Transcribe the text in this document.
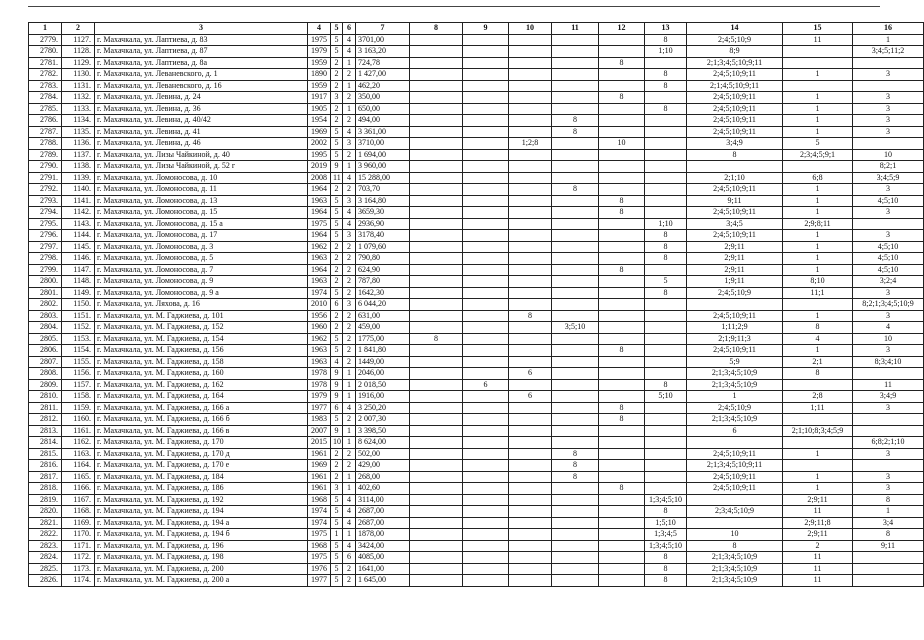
1	2	3	4	5	6	7	8	9	10	11	12	13	14	15	16
2779.	1127.	г. Махачкала, ул. Лаптиева, д. 83	1975	5	4	3701,00						8	2;4;5;10;9	11	1
2780.	1128.	г. Махачкала, ул. Лаптиева, д. 87	1979	5	4	3 163,20						1;10	8;9		3;4;5;11;2
2781.	1129.	г. Махачкала, ул. Лаптиева, д. 8а	1959	2	1	724,78					8		2;1;3;4;5;10;9;11		
2782.	1130.	г. Махачкала, ул. Леваневского, д. 1	1890	2	2	1 427,00						8	2;4;5;10;9;11	1	3
2783.	1131.	г. Махачкала, ул. Леваневского, д. 16	1959	2	1	462,20						8	2;1;4;5;10;9;11		
2784.	1132.	г. Махачкала, ул. Левина, д. 24	1917	3	2	350,00					8		2;4;5;10;9;11	1	3
2785.	1133.	г. Махачкала, ул. Левина, д. 36	1905	2	1	650,00						8	2;4;5;10;9;11	1	3
2786.	1134.	г. Махачкала, ул. Левина, д. 40/42	1954	2	2	494,00				8			2;4;5;10;9;11	1	3
2787.	1135.	г. Махачкала, ул. Левина, д. 41	1969	5	4	3 361,00				8			2;4;5;10;9;11	1	3
2788.	1136.	г. Махачкала, ул. Левина, д. 46	2002	5	3	3710,00			1;2;8		10		3;4;9	5	
2789.	1137.	г. Махачкала, ул. Лизы Чайкиной, д. 40	1995	5	2	1 694,00							8	2;3;4;5;9;1	10
2790.	1138.	г. Махачкала, ул. Лизы Чайкиной, д. 52 г	2019	9	1	3 960,00									8;2;1
2791.	1139.	г. Махачкала, ул. Ломоносова, д. 10	2008	11	4	15 288,00							2;1;10	6;8	3;4;5;9
2792.	1140.	г. Махачкала, ул. Ломоносова, д. 11	1964	2	2	703,70				8			2;4;5;10;9;11	1	3
2793.	1141.	г. Махачкала, ул. Ломоносова, д. 13	1963	5	3	3 164,80					8		9;11	1	4;5;10
2794.	1142.	г. Махачкала, ул. Ломоносова, д. 15	1964	5	4	3659,30					8		2;4;5;10;9;11	1	3
2795.	1143.	г. Махачкала, ул. Ломоносова, д. 15 а	1975	5	4	2936,90						1;10	3;4;5	2;9;8;11	
2796.	1144.	г. Махачкала, ул. Ломоносова, д. 17	1964	5	3	3178,40						8	2;4;5;10;9;11	1	3
2797.	1145.	г. Махачкала, ул. Ломоносова, д. 3	1962	2	2	1 079,60						8	2;9;11	1	4;5;10
2798.	1146.	г. Махачкала, ул. Ломоносова, д. 5	1963	2	2	790,80						8	2;9;11	1	4;5;10
2799.	1147.	г. Махачкала, ул. Ломоносова, д. 7	1964	2	2	624,90					8		2;9;11	1	4;5;10
2800.	1148.	г. Махачкала, ул. Ломоносова, д. 9	1963	2	2	787,80						5	1;9;11	8;10	3;2;4
2801.	1149.	г. Махачкала, ул. Ломоносова, д. 9 а	1974	5	2	1642,30						8	2;4;5;10;9	11;1	3
2802.	1150.	г. Махачкала, ул. Ляхова, д. 16	2010	6	3	6 044,20									8;2;1;3;4;5;10;9
2803.	1151.	г. Махачкала, ул. М. Гаджиева, д. 101	1956	2	2	631,00			8				2;4;5;10;9;11	1	3
2804.	1152.	г. Махачкала, ул. М. Гаджиева, д. 152	1960	2	2	459,00				3;5;10			1;11;2;9	8	4
2805.	1153.	г. Махачкала, ул. М. Гаджиева, д. 154	1962	5	2	1775,00	8						2;1;9;11;3	4	10
2806.	1154.	г. Махачкала, ул. М. Гаджиева, д. 156	1963	5	2	1 841,80					8		2;4;5;10;9;11	1	3
2807.	1155.	г. Махачкала, ул. М. Гаджиева, д. 158	1963	4	2	1449,00							5;9	2;1	8;3;4;10
2808.	1156.	г. Махачкала, ул. М. Гаджиева, д. 160	1978	9	1	2046,00			6				2;1;3;4;5;10;9	8	
2809.	1157.	г. Махачкала, ул. М. Гаджиева, д. 162	1978	9	1	2 018,50		6				8	2;1;3;4;5;10;9		11
2810.	1158.	г. Махачкала, ул. М. Гаджиева, д. 164	1979	9	1	1916,00			6			5;10	1	2;8	3;4;9
2811.	1159.	г. Махачкала, ул. М. Гаджиева, д. 166 а	1977	6	4	3 250,20					8		2;4;5;10;9	1;11	3
2812.	1160.	г. Махачкала, ул. М. Гаджиева, д. 166 б	1983	5	2	2 007,30					8		2;1;3;4;5;10;9		
2813.	1161.	г. Махачкала, ул. М. Гаджиева, д. 166 в	2007	9	1	3 398,50							6	2;1;10;8;3;4;5;9	
2814.	1162.	г. Махачкала, ул. М. Гаджиева, д. 170	2015	10	1	8 624,00									6;8;2;1;10
2815.	1163.	г. Махачкала, ул. М. Гаджиева, д. 170 д	1961	2	2	502,00				8			2;4;5;10;9;11	1	3
2816.	1164.	г. Махачкала, ул. М. Гаджиева, д. 170 е	1969	2	2	429,00				8			2;1;3;4;5;10;9;11		
2817.	1165.	г. Махачкала, ул. М. Гаджиева, д. 184	1961	2	1	268,00				8			2;4;5;10;9;11	1	3
2818.	1166.	г. Махачкала, ул. М. Гаджиева, д. 186	1961	3	1	402,60					8		2;4;5;10;9;11	1	3
2819.	1167.	г. Махачкала, ул. М. Гаджиева, д. 192	1968	5	4	3114,00						1;3;4;5;10		2;9;11	8
2820.	1168.	г. Махачкала, ул. М. Гаджиева, д. 194	1974	5	4	2687,00						8	2;3;4;5;10;9	11	1
2821.	1169.	г. Махачкала, ул. М. Гаджиева, д. 194 а	1974	5	4	2687,00						1;5;10		2;9;11;8	3;4
2822.	1170.	г. Махачкала, ул. М. Гаджиева, д. 194 б	1975	1	1	1878,00						1;3;4;5	10	2;9;11	8
2823.	1171.	г. Махачкала, ул. М. Гаджиева, д. 196	1968	5	4	3424,00						1;3;4;5;10	8	2	9;11
2824.	1172.	г. Махачкала, ул. М. Гаджиева, д. 198	1975	5	6	4085,00						8	2;1;3;4;5;10;9	11	
2825.	1173.	г. Махачкала, ул. М. Гаджиева, д. 200	1976	5	2	1641,00						8	2;1;3;4;5;10;9	11	
2826.	1174.	г. Махачкала, ул. М. Гаджиева, д. 200 а	1977	5	2	1 645,00						8	2;1;3;4;5;10;9	11	
